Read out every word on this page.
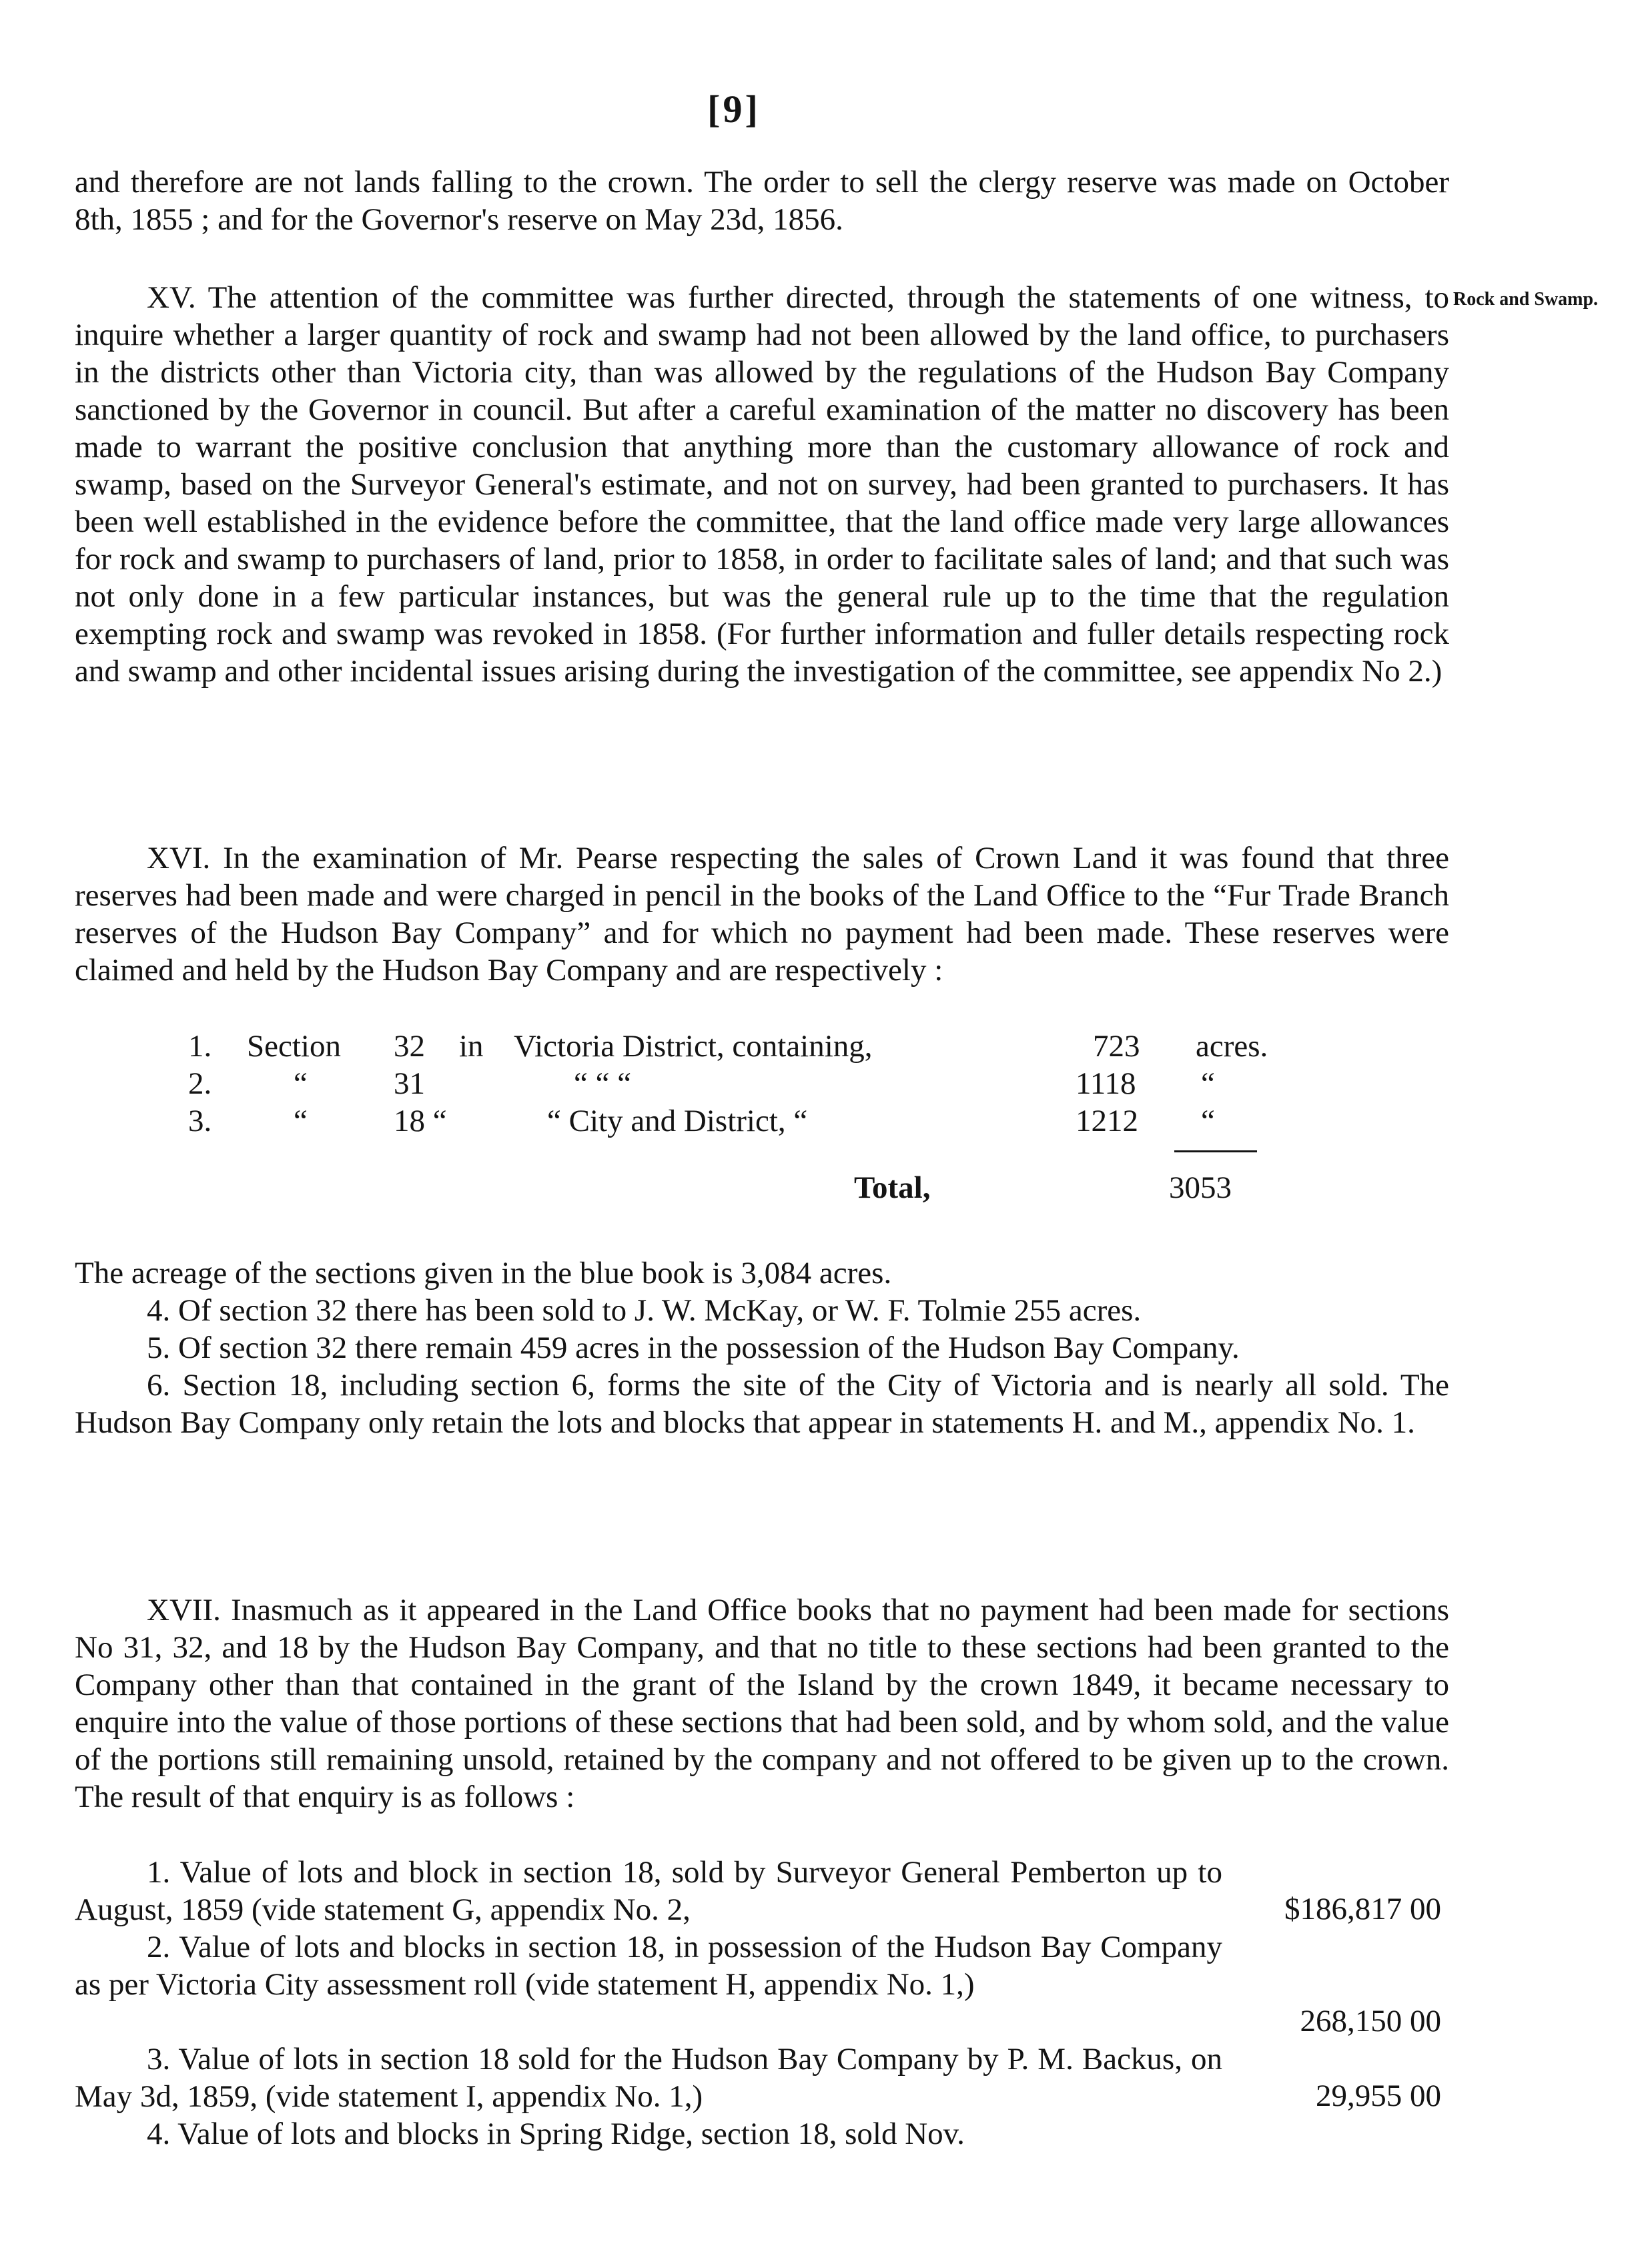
[9]

and therefore are not lands falling to the crown. The order to sell the clergy reserve was made on October 8th, 1855 ; and for the Governor's reserve on May 23d, 1856.

XV. The attention of the committee was further directed, through the statements of one witness, to inquire whether a larger quantity of rock and swamp had not been allowed by the land office, to purchasers in the districts other than Victoria city, than was allowed by the regulations of the Hudson Bay Company sanctioned by the Governor in council. But after a careful examination of the matter no discovery has been made to warrant the positive conclusion that anything more than the customary allowance of rock and swamp, based on the Surveyor General's estimate, and not on survey, had been granted to purchasers. It has been well established in the evidence before the committee, that the land office made very large allowances for rock and swamp to purchasers of land, prior to 1858, in order to facilitate sales of land; and that such was not only done in a few particular instances, but was the general rule up to the time that the regulation exempting rock and swamp was revoked in 1858. (For further information and fuller details respecting rock and swamp and other incidental issues arising during the investigation of the committee, see appendix No 2.)

Rock and Swamp.

XVI. In the examination of Mr. Pearse respecting the sales of Crown Land it was found that three reserves had been made and were charged in pencil in the books of the Land Office to the “Fur Trade Branch reserves of the Hudson Bay Company” and for which no payment had been made. These reserves were claimed and held by the Hudson Bay Company and are respectively :

1. Section 32 in Victoria District, containing,	723 acres.
2.	“	31	“ “ “	1118 “
3.	“	18 “	“ City and District, “	1212 “
Total,	3053

The acreage of the sections given in the blue book is 3,084 acres.

4. Of section 32 there has been sold to J. W. McKay, or W. F. Tolmie 255 acres.

5. Of section 32 there remain 459 acres in the possession of the Hudson Bay Company.

6. Section 18, including section 6, forms the site of the City of Victoria and is nearly all sold. The Hudson Bay Company only retain the lots and blocks that appear in statements H. and M., appendix No. 1.

XVII. Inasmuch as it appeared in the Land Office books that no payment had been made for sections No 31, 32, and 18 by the Hudson Bay Company, and that no title to these sections had been granted to the Company other than that contained in the grant of the Island by the crown 1849, it became necessary to enquire into the value of those portions of these sections that had been sold, and by whom sold, and the value of the portions still remaining unsold, retained by the company and not offered to be given up to the crown. The result of that enquiry is as follows :

1. Value of lots and block in section 18, sold by Surveyor General Pemberton up to August, 1859 (vide statement G, appendix No. 2,	$186,817 00

2. Value of lots and blocks in section 18, in possession of the Hudson Bay Company as per Victoria City assessment roll (vide statement H, appendix No. 1,)

268,150 00

3. Value of lots in section 18 sold for the Hudson Bay Company by P. M. Backus, on May 3d, 1859, (vide statement I, appendix No. 1,)	29,955 00

4. Value of lots and blocks in Spring Ridge, section 18, sold Nov.
